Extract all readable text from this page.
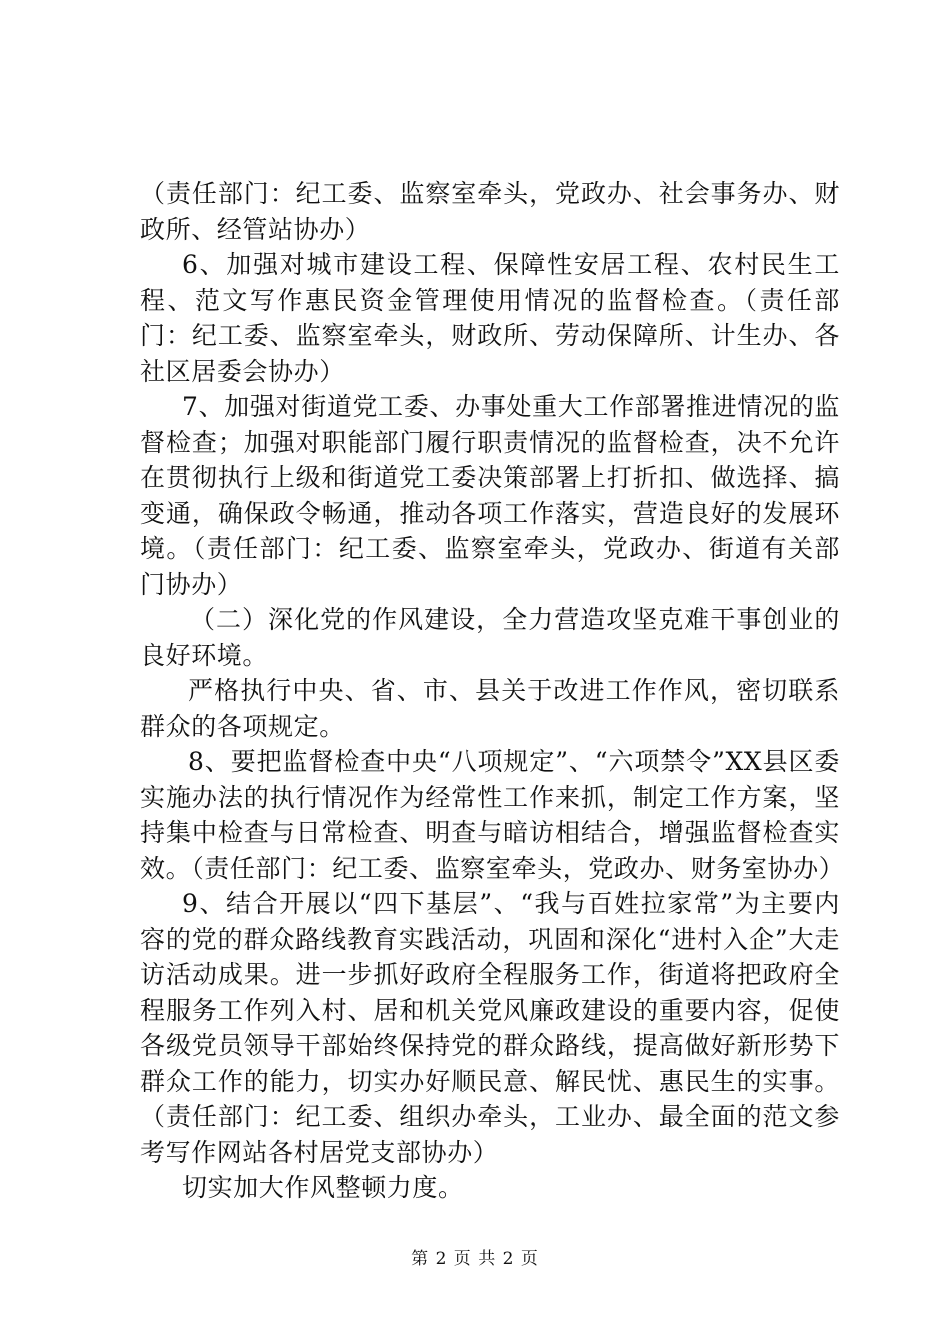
（责任部门：纪工委、监察室牵头，党政办、社会事务办、财政所、经管站协办）

6、加强对城市建设工程、保障性安居工程、农村民生工程、范文写作惠民资金管理使用情况的监督检查。（责任部门：纪工委、监察室牵头，财政所、劳动保障所、计生办、各社区居委会协办）

7、加强对街道党工委、办事处重大工作部署推进情况的监督检查；加强对职能部门履行职责情况的监督检查，决不允许在贯彻执行上级和街道党工委决策部署上打折扣、做选择、搞变通，确保政令畅通，推动各项工作落实，营造良好的发展环境。（责任部门：纪工委、监察室牵头，党政办、街道有关部门协办）

（二）深化党的作风建设，全力营造攻坚克难干事创业的良好环境。

严格执行中央、省、市、县关于改进工作作风，密切联系群众的各项规定。

8、要把监督检查中央“八项规定”、“六项禁令”XX县区委实施办法的执行情况作为经常性工作来抓，制定工作方案，坚持集中检查与日常检查、明查与暗访相结合，增强监督检查实效。（责任部门：纪工委、监察室牵头，党政办、财务室协办）

9、结合开展以“四下基层”、“我与百姓拉家常”为主要内容的党的群众路线教育实践活动，巩固和深化“进村入企”大走访活动成果。进一步抓好政府全程服务工作，街道将把政府全程服务工作列入村、居和机关党风廉政建设的重要内容，促使各级党员领导干部始终保持党的群众路线，提高做好新形势下群众工作的能力，切实办好顺民意、解民忧、惠民生的实事。（责任部门：纪工委、组织办牵头，工业办、最全面的范文参考写作网站各村居党支部协办）

切实加大作风整顿力度。

第 2 页 共 2 页
